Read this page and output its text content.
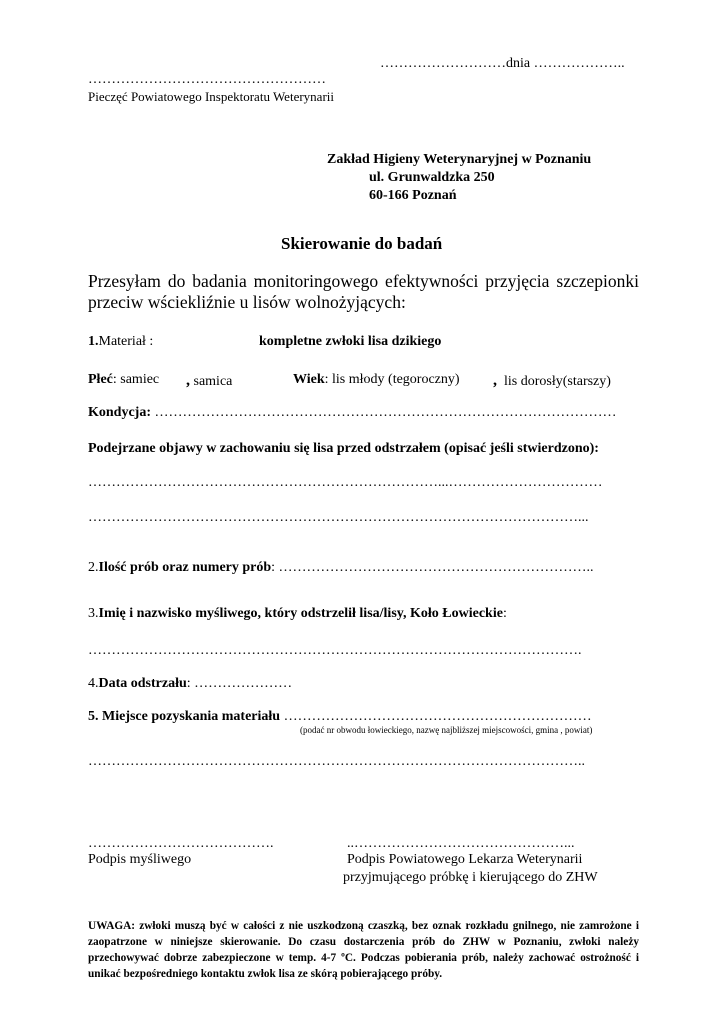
………………………dnia ………………..
……………………………………………
Pieczęć Powiatowego Inspektoratu Weterynarii
Zakład Higieny Weterynaryjnej w Poznaniu
ul. Grunwaldzka 250
60-166 Poznań
Skierowanie do badań
Przesyłam do badania monitoringowego efektywności przyjęcia szczepionki przeciw wściekliźnie u lisów wolnożyjących:
1.Materiał :	kompletne zwłoki lisa dzikiego
Płeć: samiec , samica	Wiek: lis młody (tegoroczny) , lis dorosły(starszy)
Kondycja: ………………………………………………………………………………………
Podejrzane objawy w zachowaniu się lisa przed odstrzałem (opisać jeśli stwierdzono):
…………………………………………………………………...……………………………
……………………………………………………………………………………………...
2.Ilość prób oraz numery prób: …………………………………………………………..
3.Imię i nazwisko myśliwego, który odstrzelił lisa/lisy, Koło Łowieckie:
…………………………………………………………………………………………….
4.Data odstrzału: …………………
5. Miejsce pozyskania materiału …………………………………………………………
(podać nr obwodu łowieckiego, nazwę najbliższej miejscowości, gmina , powiat)
……………………………………………………………………………………………..
………………………………….
Podpis myśliwego
..………………………………………...
Podpis Powiatowego Lekarza Weterynarii
przyjmującego próbkę i kierującego do ZHW
UWAGA: zwłoki muszą być w całości z nie uszkodzoną czaszką, bez oznak rozkładu gnilnego, nie zamrożone i zaopatrzone w niniejsze skierowanie. Do czasu dostarczenia prób do ZHW w Poznaniu, zwłoki należy przechowywać dobrze zabezpieczone w temp. 4-7 ºC. Podczas pobierania prób, należy zachować ostrożność i unikać bezpośredniego kontaktu zwłok lisa ze skórą pobierającego próby.
